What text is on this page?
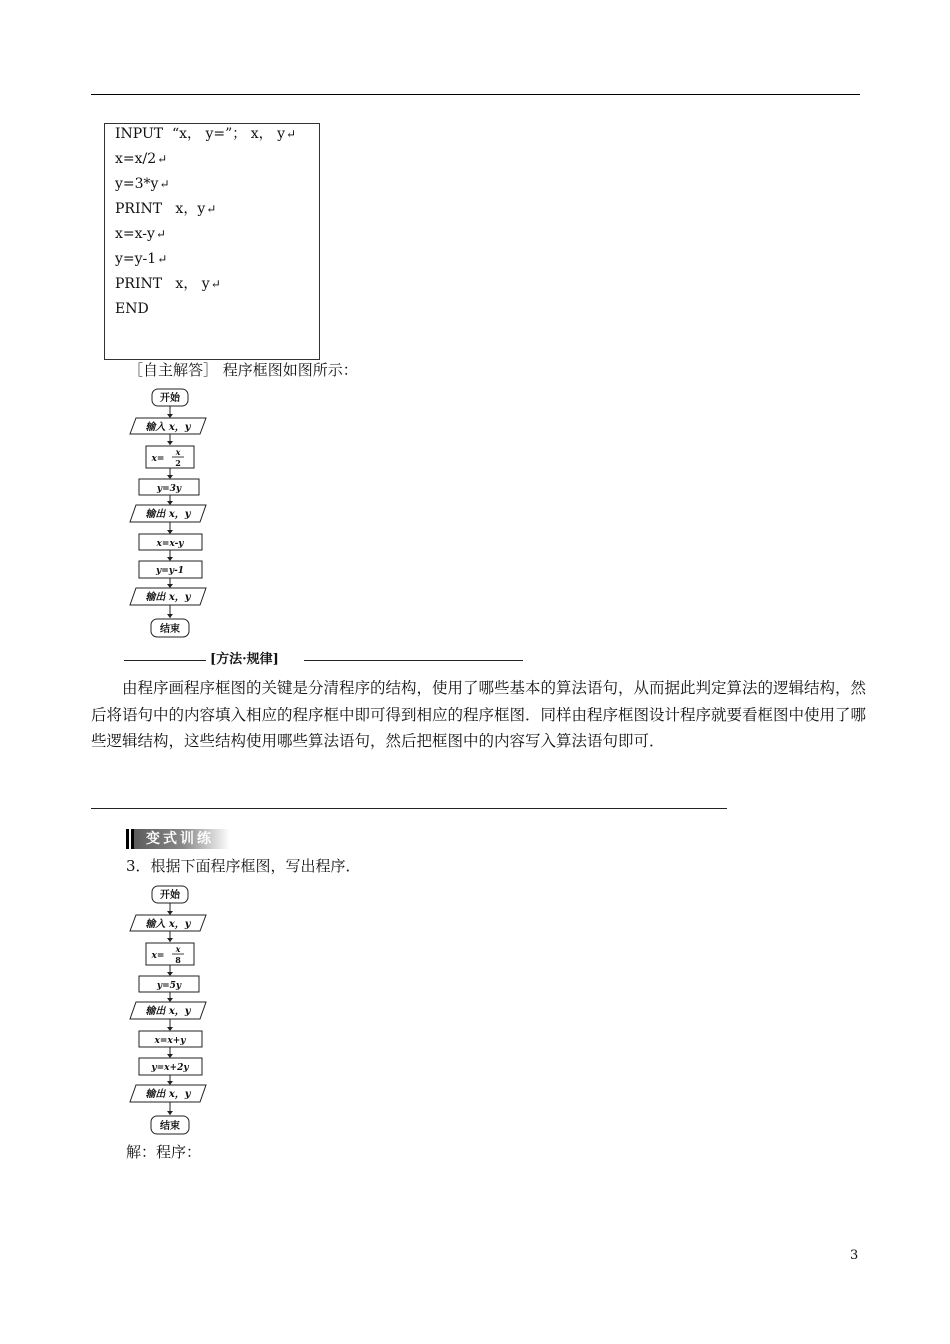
INPUT  “x， y=”； x， y↵
x=x/2↵
y=3*y↵
PRINT   x，y↵
x=x-y↵
y=y-1↵
PRINT   x， y↵
END
［自主解答］ 程序框图如图所示：
开始
输入 x，y
x=
x
2
y=3y
输出 x，y
x=x-y
y=y-1
输出 x，y
结束
[方法·规律]

由程序画程序框图的关键是分清程序的结构，使用了哪些基本的算法语句，从而据此判定算法的逻辑结构，然后将语句中的内容填入相应的程序框中即可得到相应的程序框图．同样由程序框图设计程序就要看框图中使用了哪些逻辑结构，这些结构使用哪些算法语句，然后把框图中的内容写入算法语句即可．

变式训练
3．根据下面程序框图，写出程序．
开始
输入 x，y
x=
x
8
y=5y
输出 x，y
x=x+y
y=x+2y
输出 x，y
结束
解：程序：
3
